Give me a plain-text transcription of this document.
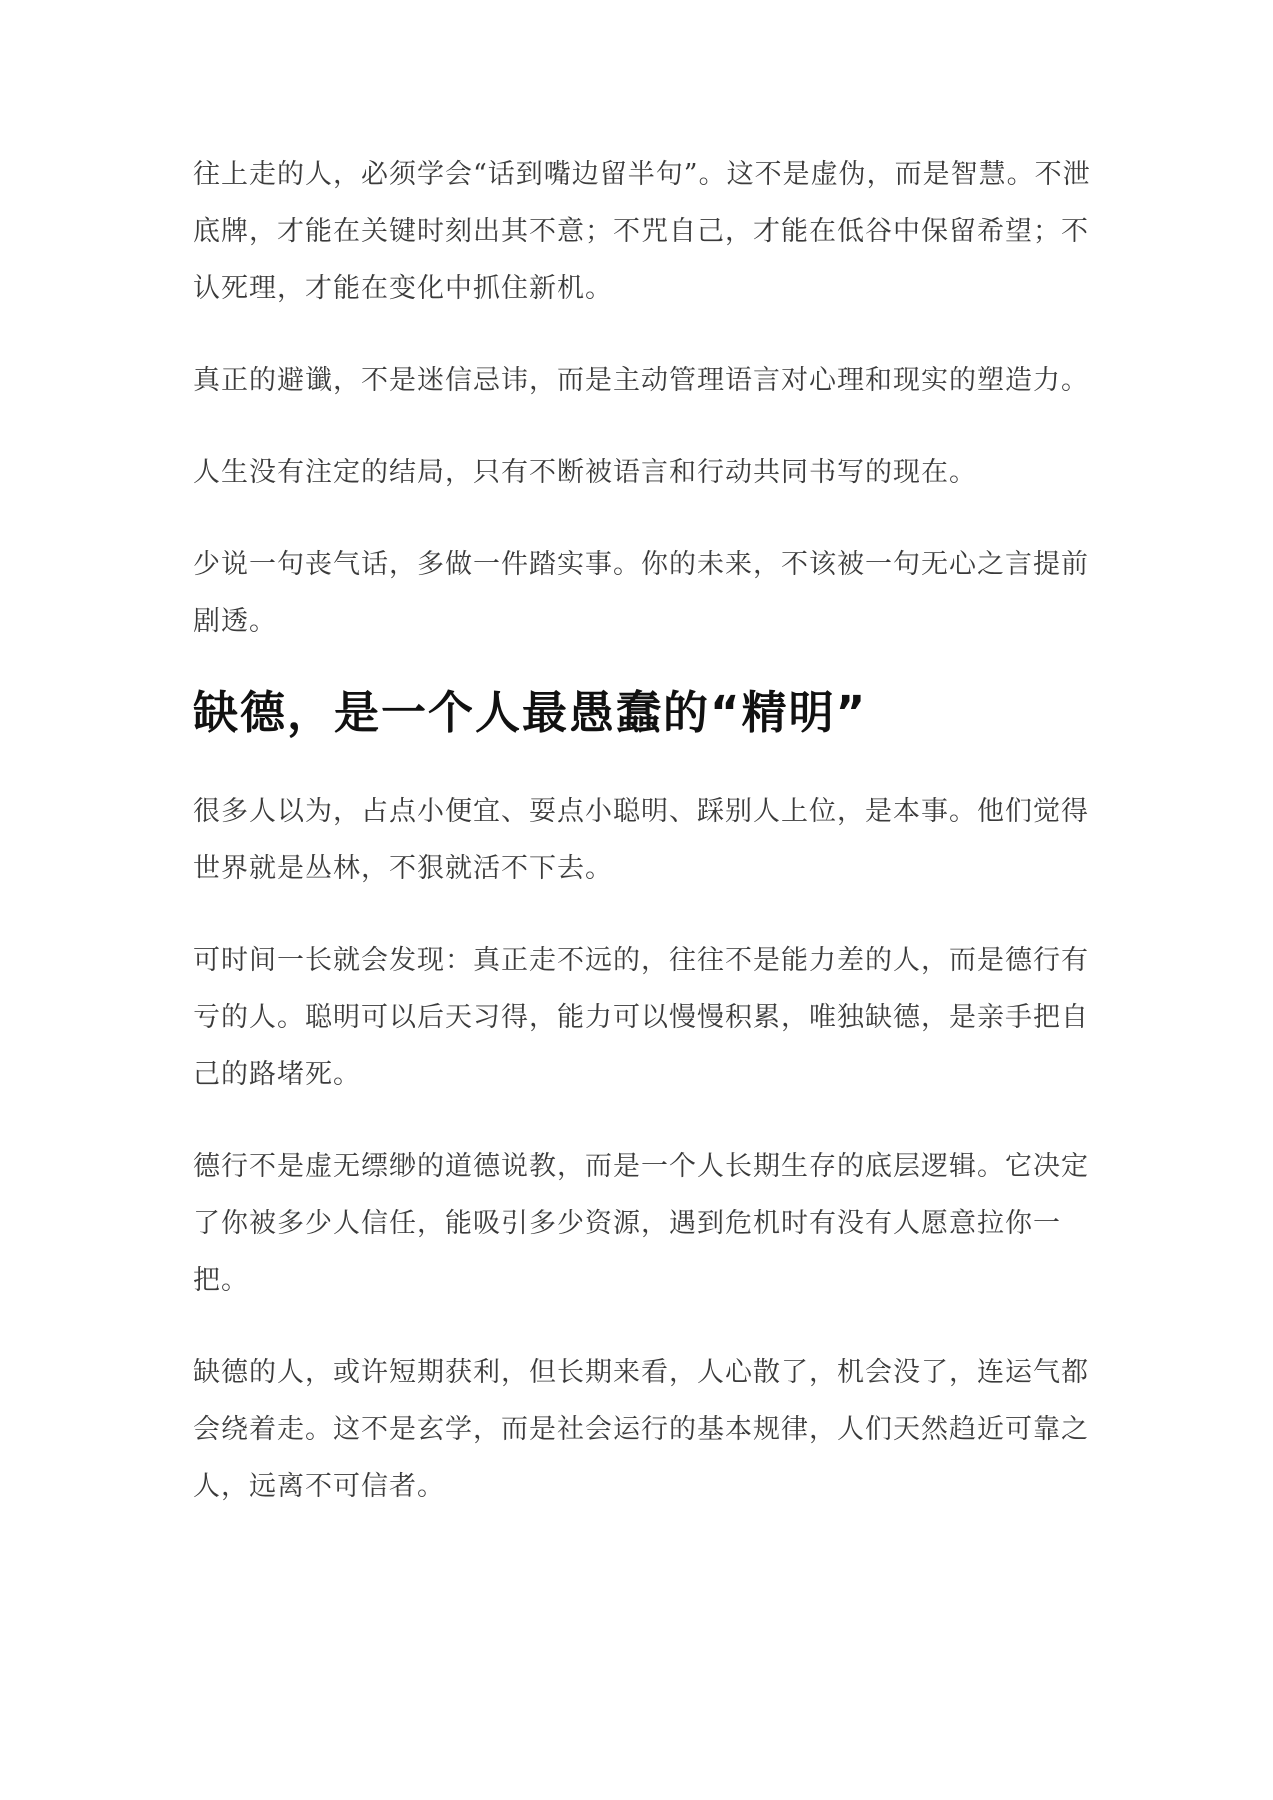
往上走的人，必须学会“话到嘴边留半句”。这不是虚伪，而是智慧。不泄底牌，才能在关键时刻出其不意；不咒自己，才能在低谷中保留希望；不认死理，才能在变化中抓住新机。

真正的避谶，不是迷信忌讳，而是主动管理语言对心理和现实的塑造力。

人生没有注定的结局，只有不断被语言和行动共同书写的现在。

少说一句丧气话，多做一件踏实事。你的未来，不该被一句无心之言提前剧透。

缺德，是一个人最愚蠢的“精明”

很多人以为，占点小便宜、耍点小聪明、踩别人上位，是本事。他们觉得世界就是丛林，不狠就活不下去。

可时间一长就会发现：真正走不远的，往往不是能力差的人，而是德行有亏的人。聪明可以后天习得，能力可以慢慢积累，唯独缺德，是亲手把自己的路堵死。

德行不是虚无缥缈的道德说教，而是一个人长期生存的底层逻辑。它决定了你被多少人信任，能吸引多少资源，遇到危机时有没有人愿意拉你一把。

缺德的人，或许短期获利，但长期来看，人心散了，机会没了，连运气都会绕着走。这不是玄学，而是社会运行的基本规律，人们天然趋近可靠之人，远离不可信者。
